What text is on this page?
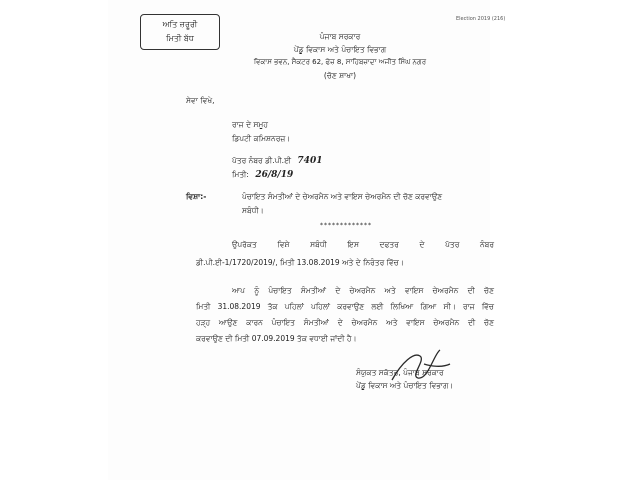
ਅਤਿ ਜ਼ਰੂਰੀ
ਮਿਤੀ ਬੱਧ
Election 2019 (216)
ਪੰਜਾਬ ਸਰਕਾਰ
ਪੇਂਡੂ ਵਿਕਾਸ ਅਤੇ ਪੰਚਾਇਤ ਵਿਭਾਗ
ਵਿਕਾਸ ਭਵਨ, ਸੈਕਟਰ 62, ਫੇਜ਼ 8, ਸਾਹਿਬਜ਼ਾਦਾ ਅਜੀਤ ਸਿੰਘ ਨਗਰ
(ਚੋਣ ਸ਼ਾਖਾ)
ਸੇਵਾ ਵਿਖੇ,
ਰਾਜ ਦੇ ਸਮੂਹ
ਡਿਪਟੀ ਕਮਿਸ਼ਨਰਜ਼।
ਪੱਤਰ ਨੰਬਰ ਡੀ.ਪੀ.ਈ 7401
ਮਿਤੀ: 26/8/19
ਵਿਸ਼ਾ:-	ਪੰਚਾਇਤ ਸੰਮਤੀਆਂ ਦੇ ਚੇਅਰਮੈਨ ਅਤੇ ਵਾਇਸ ਚੇਅਰਮੈਨ ਦੀ ਚੋਣ ਕਰਵਾਉਣ
ਸਬੰਧੀ।
*************
ਉਪਰੋਕਤ ਵਿਸ਼ੇ ਸਬੰਧੀ ਇਸ ਦਫਤਰ ਦੇ ਪੱਤਰ ਨੰਬਰ
ਡੀ.ਪੀ.ਈ-1/1720/2019/, ਮਿਤੀ 13.08.2019 ਅਤੇ ਦੇ ਨਿਰੰਤਰ ਵਿੱਚ।
ਆਪ ਨੂੰ ਪੰਚਾਇਤ ਸੰਮਤੀਆਂ ਦੇ ਚੇਅਰਮੈਨ ਅਤੇ ਵਾਇਸ ਚੇਅਰਮੈਨ ਦੀ ਚੋਣ
ਮਿਤੀ 31.08.2019 ਤੱਕ ਪਹਿਲਾਂ ਪਹਿਲਾਂ ਕਰਵਾਉਣ ਲਈ ਲਿਖਿਆ ਗਿਆ ਸੀ। ਰਾਜ ਵਿੱਚ
ਹੜ੍ਹ ਆਉਣ ਕਾਰਨ ਪੰਚਾਇਤ ਸੰਮਤੀਆਂ ਦੇ ਚੇਅਰਮੈਨ ਅਤੇ ਵਾਇਸ ਚੇਅਰਮੈਨ ਦੀ ਚੋਣ
ਕਰਵਾਉਣ ਦੀ ਮਿਤੀ 07.09.2019 ਤੱਕ ਵਧਾਈ ਜਾਂਦੀ ਹੈ।
ਸੰਯੁਕਤ ਸਕੱਤਰ, ਪੰਜਾਬ ਸਰਕਾਰ
ਪੇਂਡੂ ਵਿਕਾਸ ਅਤੇ ਪੰਚਾਇਤ ਵਿਭਾਗ।
